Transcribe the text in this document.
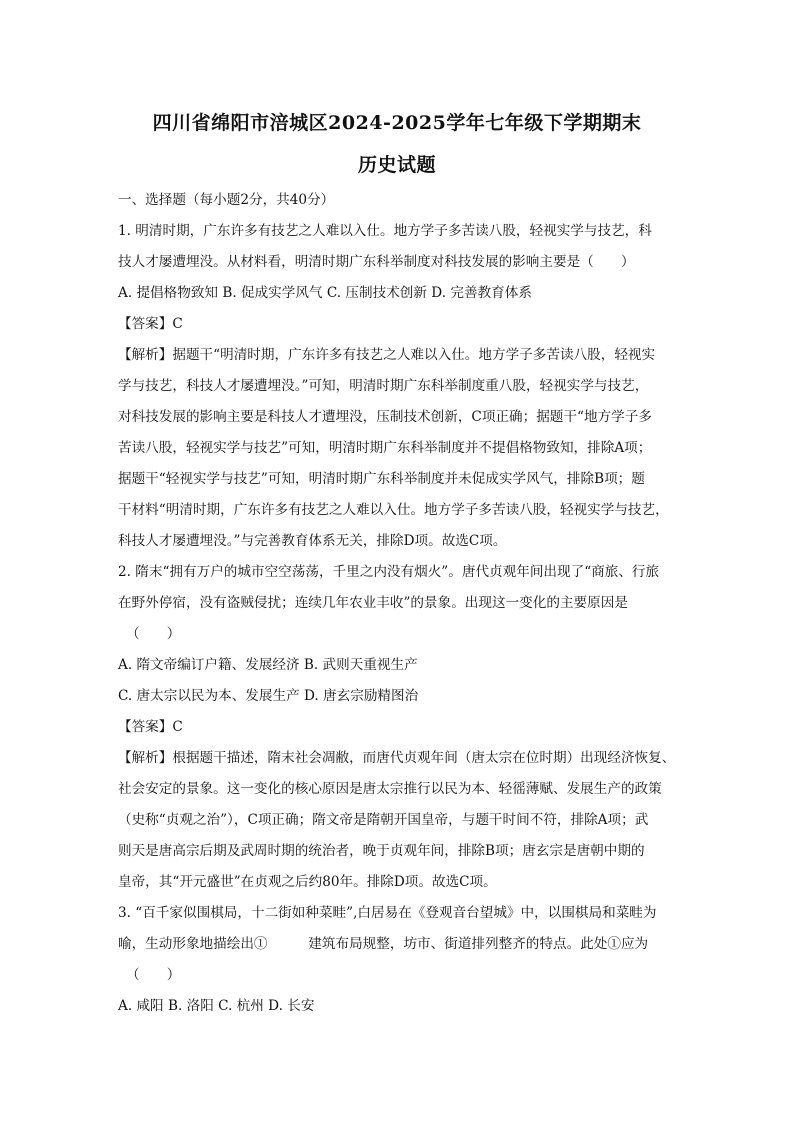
四川省绵阳市涪城区2024-2025学年七年级下学期期末
历史试题
一、选择题（每小题2分，共40分）
1. 明清时期，广东许多有技艺之人难以入仕。地方学子多苦读八股，轻视实学与技艺，科
技人才屡遭埋没。从材料看，明清时期广东科举制度对科技发展的影响主要是（　　）
A. 提倡格物致知 B. 促成实学风气 C. 压制技术创新 D. 完善教育体系
【答案】C
【解析】据题干“明清时期，广东许多有技艺之人难以入仕。地方学子多苦读八股，轻视实
学与技艺，科技人才屡遭埋没。”可知，明清时期广东科举制度重八股，轻视实学与技艺，
对科技发展的影响主要是科技人才遭埋没，压制技术创新，C项正确；据题干“地方学子多
苦读八股，轻视实学与技艺”可知，明清时期广东科举制度并不提倡格物致知，排除A项；
据题干“轻视实学与技艺”可知，明清时期广东科举制度并未促成实学风气，排除B项；题
干材料“明清时期，广东许多有技艺之人难以入仕。地方学子多苦读八股，轻视实学与技艺，
科技人才屡遭埋没。”与完善教育体系无关，排除D项。故选C项。
2. 隋末“拥有万户的城市空空荡荡，千里之内没有烟火”。唐代贞观年间出现了“商旅、行旅
在野外停宿，没有盗贼侵扰；连续几年农业丰收”的景象。出现这一变化的主要原因是
（　　）
A. 隋文帝编订户籍、发展经济 B. 武则天重视生产
C. 唐太宗以民为本、发展生产 D. 唐玄宗励精图治
【答案】C
【解析】根据题干描述，隋末社会凋敝，而唐代贞观年间（唐太宗在位时期）出现经济恢复、
社会安定的景象。这一变化的核心原因是唐太宗推行以民为本、轻徭薄赋、发展生产的政策
（史称“贞观之治”），C项正确；隋文帝是隋朝开国皇帝，与题干时间不符，排除A项；武
则天是唐高宗后期及武周时期的统治者，晚于贞观年间，排除B项；唐玄宗是唐朝中期的
皇帝，其“开元盛世”在贞观之后约80年。排除D项。故选C项。
3. “百千家似围棋局，十二街如种菜畦”,白居易在《登观音台望城》中，以围棋局和菜畦为
喻，生动形象地描绘出①　　　建筑布局规整，坊市、街道排列整齐的特点。此处①应为
（　　）
A. 咸阳 B. 洛阳 C. 杭州 D. 长安
